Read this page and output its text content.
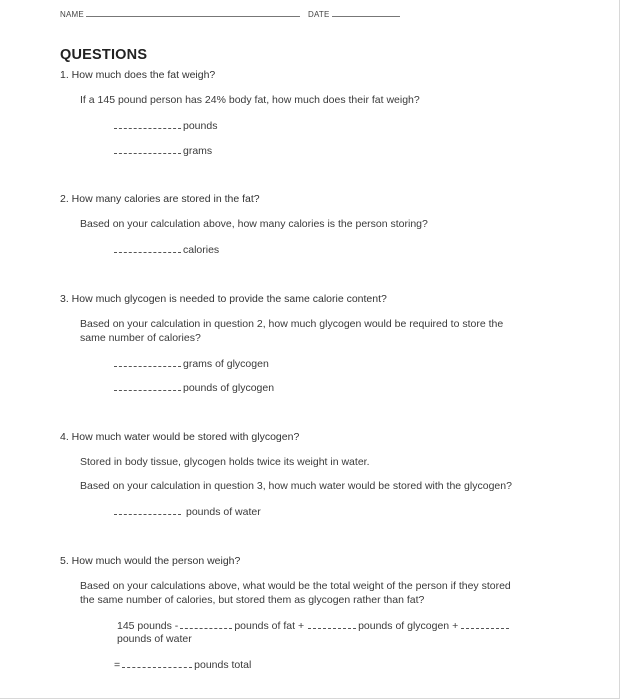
NAME	DATE
QUESTIONS
1. How much does the fat weigh?
If a 145 pound person has 24% body fat, how much does their fat weigh?
pounds
grams
2. How many calories are stored in the fat?
Based on your calculation above, how many calories is the person storing?
calories
3. How much glycogen is needed to provide the same calorie content?
Based on your calculation in question 2, how much glycogen would be required to store the
same number of calories?
grams of glycogen
pounds of glycogen
4. How much water would be stored with glycogen?
Stored in body tissue, glycogen holds twice its weight in water.
Based on your calculation in question 3, how much water would be stored with the glycogen?
pounds of water
5. How much would the person weigh?
Based on your calculations above, what would be the total weight of the person if they stored
the same number of calories, but stored them as glycogen rather than fat?
145 pounds -	pounds of fat +	pounds of glycogen +
pounds of water
=	pounds total
